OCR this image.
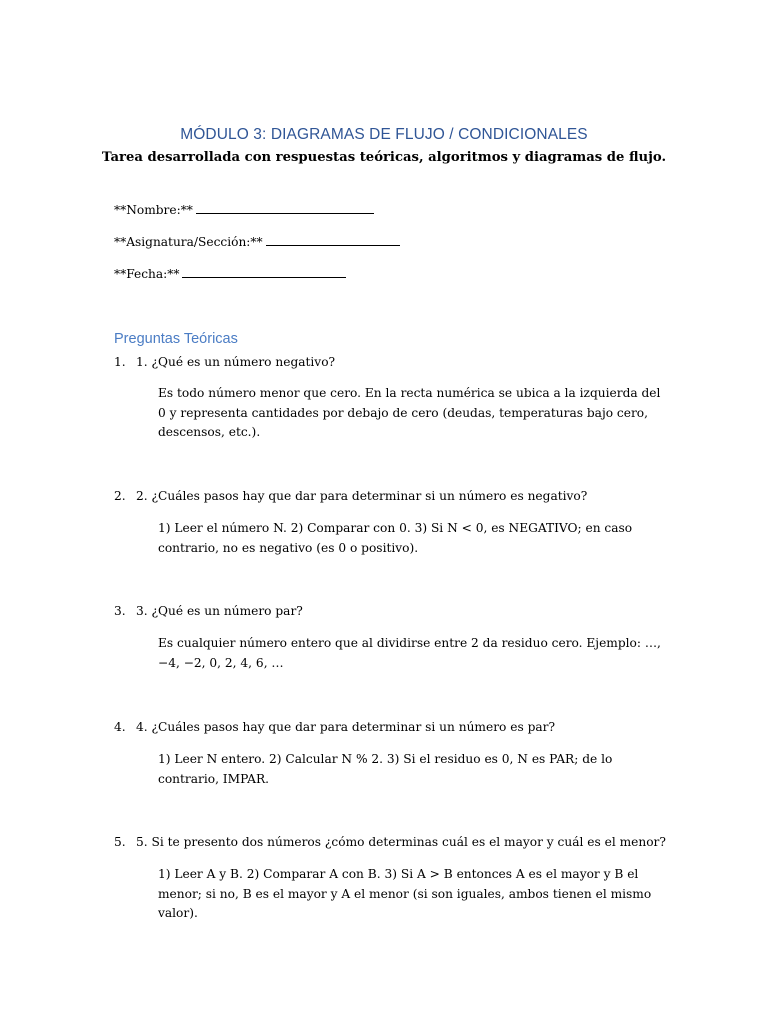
MÓDULO 3: DIAGRAMAS DE FLUJO / CONDICIONALES
Tarea desarrollada con respuestas teóricas, algoritmos y diagramas de flujo.
**Nombre:**
**Asignatura/Sección:**
**Fecha:**
Preguntas Teóricas
1. 1. ¿Qué es un número negativo?
Es todo número menor que cero. En la recta numérica se ubica a la izquierda del 0 y representa cantidades por debajo de cero (deudas, temperaturas bajo cero, descensos, etc.).
2. 2. ¿Cuáles pasos hay que dar para determinar si un número es negativo?
1) Leer el número N. 2) Comparar con 0. 3) Si N < 0, es NEGATIVO; en caso contrario, no es negativo (es 0 o positivo).
3. 3. ¿Qué es un número par?
Es cualquier número entero que al dividirse entre 2 da residuo cero. Ejemplo: …, −4, −2, 0, 2, 4, 6, …
4. 4. ¿Cuáles pasos hay que dar para determinar si un número es par?
1) Leer N entero. 2) Calcular N % 2. 3) Si el residuo es 0, N es PAR; de lo contrario, IMPAR.
5. 5. Si te presento dos números ¿cómo determinas cuál es el mayor y cuál es el menor?
1) Leer A y B. 2) Comparar A con B. 3) Si A > B entonces A es el mayor y B el menor; si no, B es el mayor y A el menor (si son iguales, ambos tienen el mismo valor).
